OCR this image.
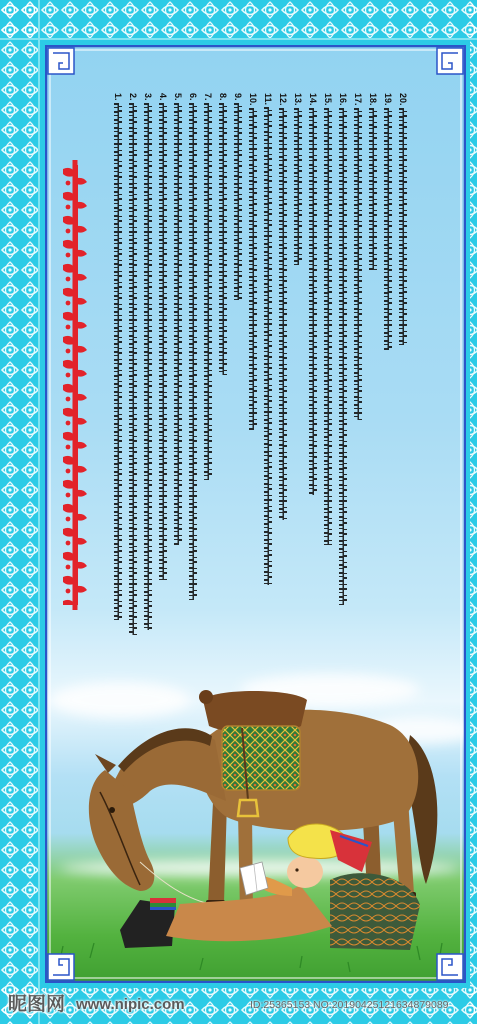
1. 2. 3. 4. 5. 6. 7. 8. 9. 10. 11. 12. 13. 14. 15. 16. 17. 18. 19. 20.
昵图网 www.nipic.com	ID:25365153 NO:20190425121634879089
